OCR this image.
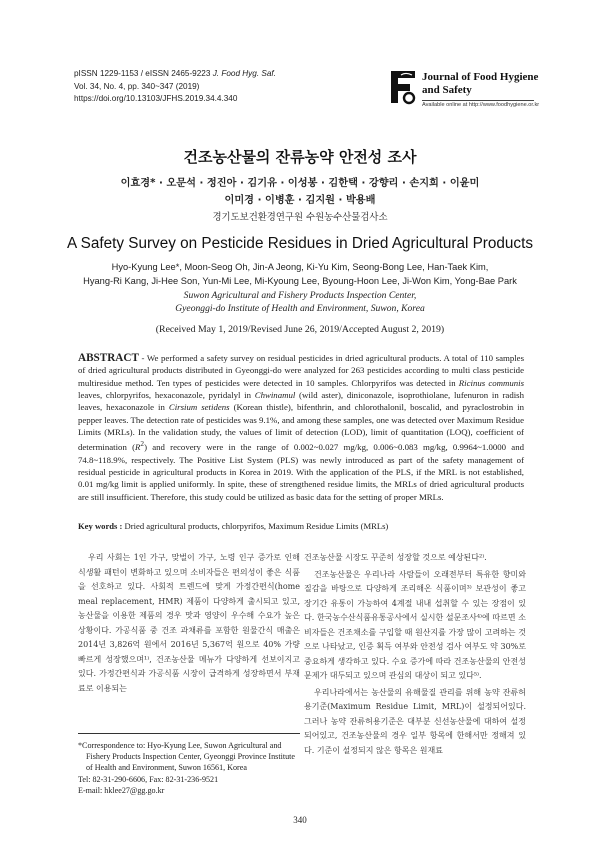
pISSN 1229-1153 / eISSN 2465-9223 J. Food Hyg. Saf.
Vol. 34, No. 4, pp. 340~347 (2019)
https://doi.org/10.13103/JFHS.2019.34.4.340
Journal of Food Hygiene
and Safety
Available online at http://www.foodhygiene.or.kr
건조농산물의 잔류농약 안전성 조사
이효경* · 오문석 · 정진아 · 김기유 · 이성봉 · 김한택 · 강향리 · 손지희 · 이윤미
이미경 · 이병훈 · 김지원 · 박용배
경기도보건환경연구원 수원농수산물검사소
A Safety Survey on Pesticide Residues in Dried Agricultural Products
Hyo-Kyung Lee*, Moon-Seog Oh, Jin-A Jeong, Ki-Yu Kim, Seong-Bong Lee, Han-Taek Kim,
Hyang-Ri Kang, Ji-Hee Son, Yun-Mi Lee, Mi-Kyoung Lee, Byoung-Hoon Lee, Ji-Won Kim, Yong-Bae Park
Suwon Agricultural and Fishery Products Inspection Center,
Gyeonggi-do Institute of Health and Environment, Suwon, Korea
(Received May 1, 2019/Revised June 26, 2019/Accepted August 2, 2019)
ABSTRACT - We performed a safety survey on residual pesticides in dried agricultural products. A total of 110 samples of dried agricultural products distributed in Gyeonggi-do were analyzed for 263 pesticides according to multi class pesticide multiresidue method. Ten types of pesticides were detected in 10 samples. Chlorpyrifos was detected in Ricinus communis leaves, chlorpyrifos, hexaconazole, pyridalyl in Chwinamul (wild aster), diniconazole, isoprothiolane, lufenuron in radish leaves, hexaconazole in Cirsium setidens (Korean thistle), bifenthrin, and chlorothalonil, boscalid, and pyraclostrobin in pepper leaves. The detection rate of pesticides was 9.1%, and among these samples, one was detected over Maximum Residue Limits (MRLs). In the validation study, the values of limit of detection (LOD), limit of quantitation (LOQ), coefficient of determination $(R^2)$ and recovery were in the range of 0.002~0.027 mg/kg, 0.006~0.083 mg/kg, 0.9964~1.0000 and 74.8~118.9%, respectively. The Positive List System (PLS) was newly introduced as part of the safety management of residual pesticide in agricultural products in Korea in 2019. With the application of the PLS, if the MRL is not established, 0.01 mg/kg limit is applied uniformly. In spite, these of strengthened residue limits, the MRLs of dried agricultural products are still insufficient. Therefore, this study could be utilized as basic data for the setting of proper MRLs.
Key words : Dried agricultural products, chlorpyrifos, Maximum Residue Limits (MRLs)

우리 사회는 1인 가구, 맞벌이 가구, 노령 인구 증가로 인해 식생활 패턴이 변화하고 있으며 소비자들은 편의성이 좋은 식품을 선호하고 있다. 사회적 트렌드에 맞게 가정간편식(home meal replacement, HMR) 제품이 다양하게 출시되고 있고, 농산물을 이용한 제품의 경우 맛과 영양이 우수해 수요가 높은 상황이다. 가공식품 중 건조 과채류를 포함한 원물간식 매출은 2014년 3,826억 원에서 2016년 5,367억 원으로 40% 가량 빠르게 성장했으며¹⁾, 건조농산물 메뉴가 다양하게 선보이지고 있다. 가정간편식과 가공식품 시장이 급격하게 성장하면서 부재료로 이용되는

건조농산물 시장도 꾸준히 성장할 것으로 예상된다²⁾.

건조농산물은 우리나라 사람들이 오래전부터 특유한 향미와 질감을 바탕으로 다양하게 조리해온 식품이며³⁾ 보관성이 좋고 장기간 유통이 가능하여 4계절 내내 섭취할 수 있는 장점이 있다. 한국농수산식품유통공사에서 실시한 설문조사⁴⁾에 따르면 소비자들은 건조채소를 구입할 때 원산지를 가장 많이 고려하는 것으로 나타났고, 인증 획득 여부와 안전성 검사 여부도 약 30%로 중요하게 생각하고 있다. 수요 증가에 따라 건조농산물의 안전성 문제가 대두되고 있으며 관심의 대상이 되고 있다⁵⁾.

우리나라에서는 농산물의 유해물질 관리를 위해 농약 잔류허용기준(Maximum Residue Limit, MRL)이 설정되어있다. 그러나 농약 잔류허용기준은 대부분 신선농산물에 대하여 설정되어있고, 건조농산물의 경우 일부 항목에 한해서만 정해져 있다. 기준이 설정되지 않은 항목은 원재료

*Correspondence to: Hyo-Kyung Lee, Suwon Agricultural and
Fishery Products Inspection Center, Gyeonggi Province Institute
of Health and Environment, Suwon 16561, Korea
Tel: 82-31-290-6606, Fax: 82-31-236-9521
E-mail: hklee27@gg.go.kr
340
